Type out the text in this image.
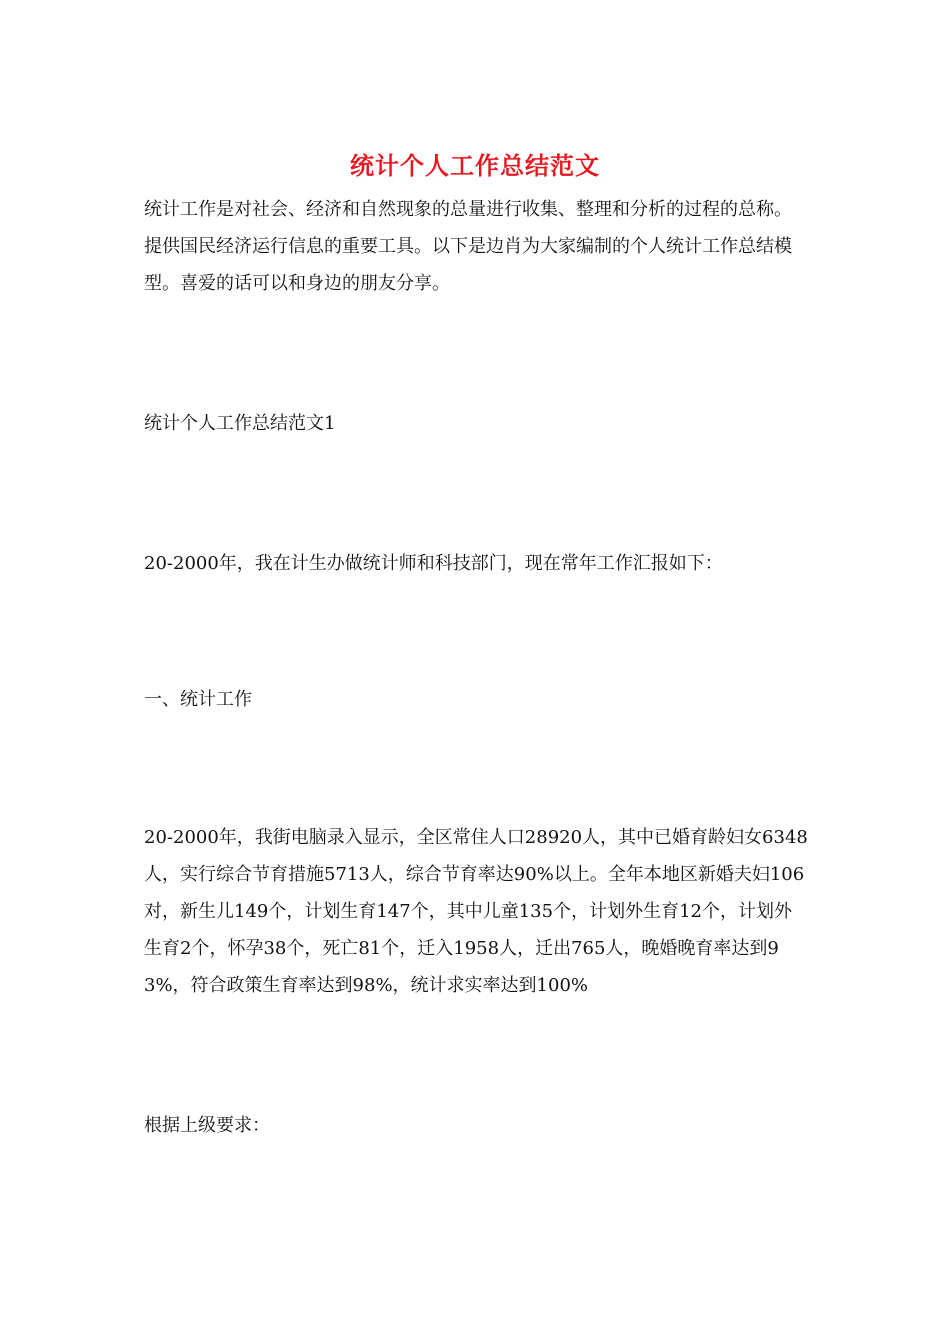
统计个人工作总结范文

统计工作是对社会、经济和自然现象的总量进行收集、整理和分析的过程的总称。提供国民经济运行信息的重要工具。以下是边肖为大家编制的个人统计工作总结模型。喜爱的话可以和身边的朋友分享。

统计个人工作总结范文1

20-2000年，我在计生办做统计师和科技部门，现在常年工作汇报如下：

一、统计工作

20-2000年，我街电脑录入显示，全区常住人口28920人，其中已婚育龄妇女6348人，实行综合节育措施5713人，综合节育率达90%以上。全年本地区新婚夫妇106对，新生儿149个，计划生育147个，其中儿童135个，计划外生育12个，计划外生育2个，怀孕38个，死亡81个，迁入1958人，迁出765人，晚婚晚育率达到93%，符合政策生育率达到98%，统计求实率达到100%

根据上级要求：
